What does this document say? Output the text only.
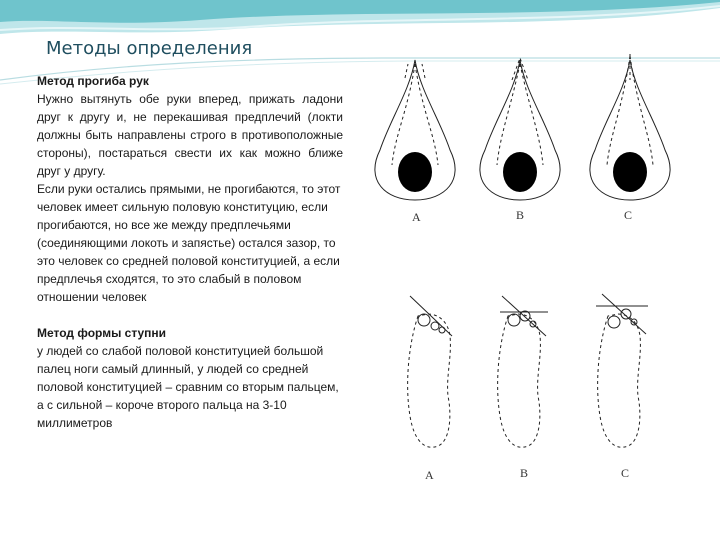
Методы определения

Метод прогиба рук

Нужно вытянуть обе руки вперед, прижать ладони друг к другу и, не перекашивая предплечий (локти должны быть направлены строго в противоположные стороны), постараться свести их как можно ближе друг у другу.

Если руки остались прямыми, не прогибаются, то этот человек имеет сильную половую конституцию, если прогибаются, но все же между предплечьями (соединяющими локоть и запястье) остался зазор, то это человек со средней половой конституцией, а если предплечья сходятся, то это слабый в половом отношении человек

Метод формы ступни

у людей со слабой половой конституцией большой палец ноги самый длинный, у людей со средней половой конституцией – сравним со вторым пальцем, а с сильной – короче второго пальца на 3-10 миллиметров

A	B	C
A	B	C
